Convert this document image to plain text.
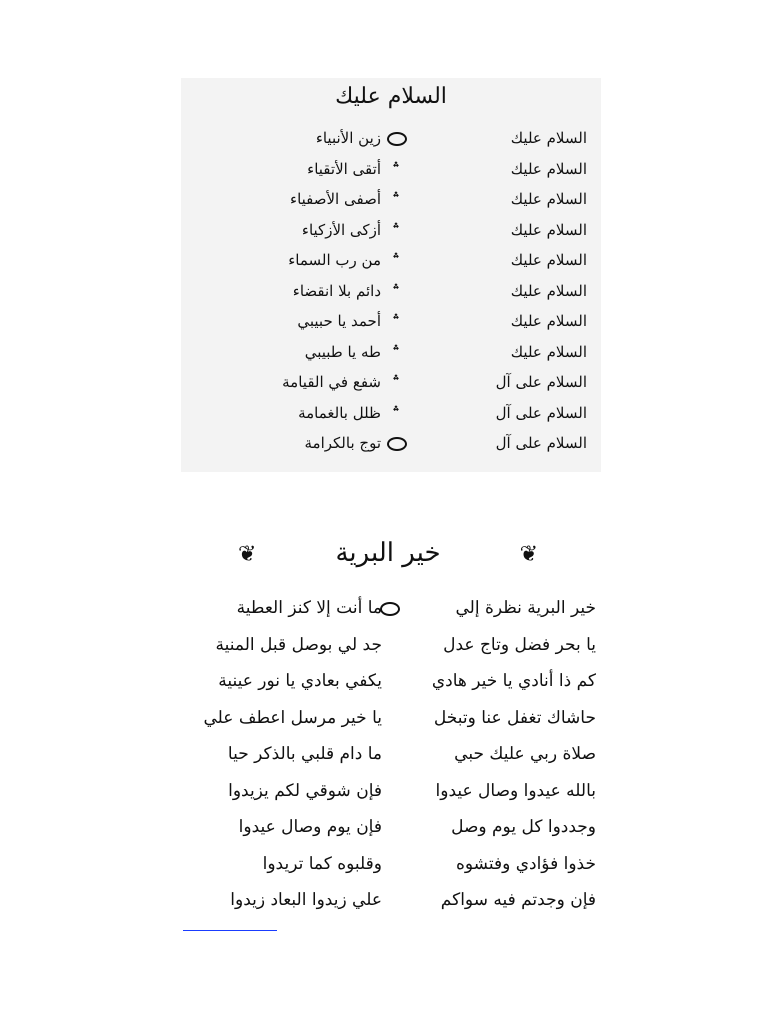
السلام عليك
السلام عليك
زين الأنبياء
السلام عليك
؞
أتقى الأتقياء
السلام عليك
؞
أصفى الأصفياء
السلام عليك
؞
أزكى الأزكياء
السلام عليك
؞
من رب السماء
السلام عليك
؞
دائم بلا انقضاء
السلام عليك
؞
أحمد يا حبيبي
السلام عليك
؞
طه يا طبيبي
السلام على آل
؞
شفع في القيامة
السلام على آل
؞
ظلل بالغمامة
السلام على آل
توج بالكرامة
❦	خير البرية	❦
خير البرية نظرة إلي
ما أنت إلا كنز العطية
يا بحر فضل وتاج عدل
جد لي بوصل قبل المنية
كم ذا أنادي يا خير هادي
يكفي بعادي يا نور عينية
حاشاك تغفل عنا وتبخل
يا خير مرسل اعطف علي
صلاة ربي عليك حبي
ما دام قلبي بالذكر حيا
بالله عيدوا وصال عيدوا
فإن شوقي لكم يزيدوا
وجددوا كل يوم وصل
فإن يوم وصال عيدوا
خذوا فؤادي وفتشوه
وقلبوه كما تريدوا
فإن وجدتم فيه سواكم
علي زيدوا البعاد زيدوا
